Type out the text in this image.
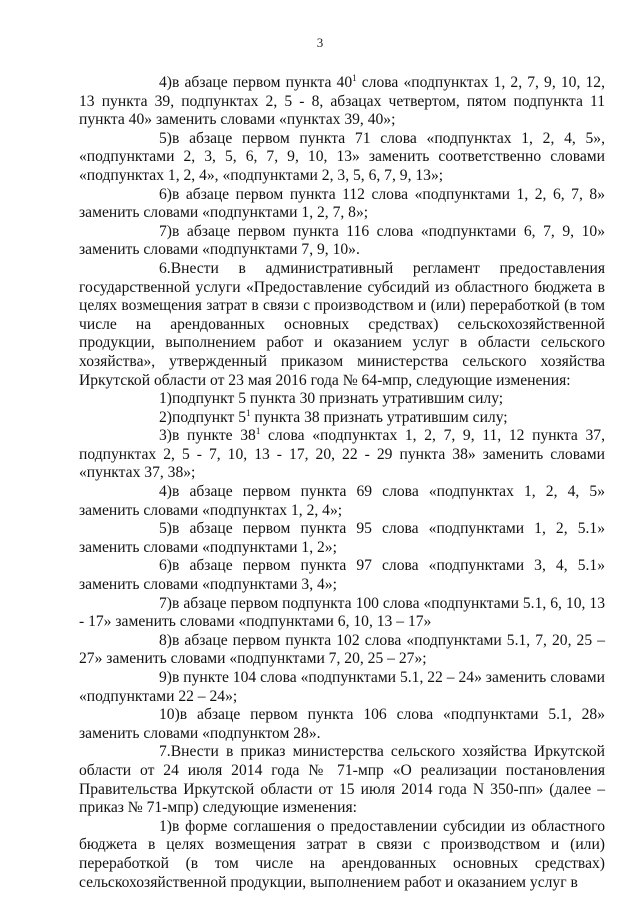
3

4)в абзаце первом пункта $40^1$ слова «подпунктах 1, 2, 7, 9, 10, 12, 13 пункта 39, подпунктах 2, 5 - 8, абзацах четвертом, пятом подпункта 11 пункта 40» заменить словами «пунктах 39, 40»;

5)в абзаце первом пункта 71 слова «подпунктах 1, 2, 4, 5», «подпунктами 2, 3, 5, 6, 7, 9, 10, 13» заменить соответственно словами «подпунктах 1, 2, 4», «подпунктами 2, 3, 5, 6, 7, 9, 13»;

6)в абзаце первом пункта 112 слова «подпунктами 1, 2, 6, 7, 8» заменить словами «подпунктами 1, 2, 7, 8»;

7)в абзаце первом пункта 116 слова «подпунктами 6, 7, 9, 10» заменить словами «подпунктами 7, 9, 10».

6.Внести в административный регламент предоставления государственной услуги «Предоставление субсидий из областного бюджета в целях возмещения затрат в связи с производством и (или) переработкой (в том числе на арендованных основных средствах) сельскохозяйственной продукции, выполнением работ и оказанием услуг в области сельского хозяйства», утвержденный приказом министерства сельского хозяйства Иркутской области от 23 мая 2016 года № 64-мпр, следующие изменения:

1)подпункт 5 пункта 30 признать утратившим силу;

2)подпункт $5^1$ пункта 38 признать утратившим силу;

3)в пункте $38^1$ слова «подпунктах 1, 2, 7, 9, 11, 12 пункта 37, подпунктах 2, 5 - 7, 10, 13 - 17, 20, 22 - 29 пункта 38» заменить словами «пунктах 37, 38»;

4)в абзаце первом пункта 69 слова «подпунктах 1, 2, 4, 5» заменить словами «подпунктах 1, 2, 4»;

5)в абзаце первом пункта 95 слова «подпунктами 1, 2, 5.1» заменить словами «подпунктами 1, 2»;

6)в абзаце первом пункта 97 слова «подпунктами 3, 4, 5.1» заменить словами «подпунктами 3, 4»;

7)в абзаце первом подпункта 100 слова «подпунктами 5.1, 6, 10, 13 - 17» заменить словами «подпунктами 6, 10, 13 – 17»

8)в абзаце первом пункта 102 слова «подпунктами 5.1, 7, 20, 25 – 27» заменить словами «подпунктами 7, 20, 25 – 27»;

9)в пункте 104 слова «подпунктами 5.1, 22 – 24» заменить словами «подпунктами 22 – 24»;

10)в абзаце первом пункта 106 слова «подпунктами 5.1, 28» заменить словами «подпунктом 28».

7.Внести в приказ министерства сельского хозяйства Иркутской области от 24 июля 2014 года № 71-мпр «О реализации постановления Правительства Иркутской области от 15 июля 2014 года N 350-пп» (далее – приказ № 71-мпр) следующие изменения:

1)в форме соглашения о предоставлении субсидии из областного бюджета в целях возмещения затрат в связи с производством и (или) переработкой (в том числе на арендованных основных средствах) сельскохозяйственной продукции, выполнением работ и оказанием услуг в
